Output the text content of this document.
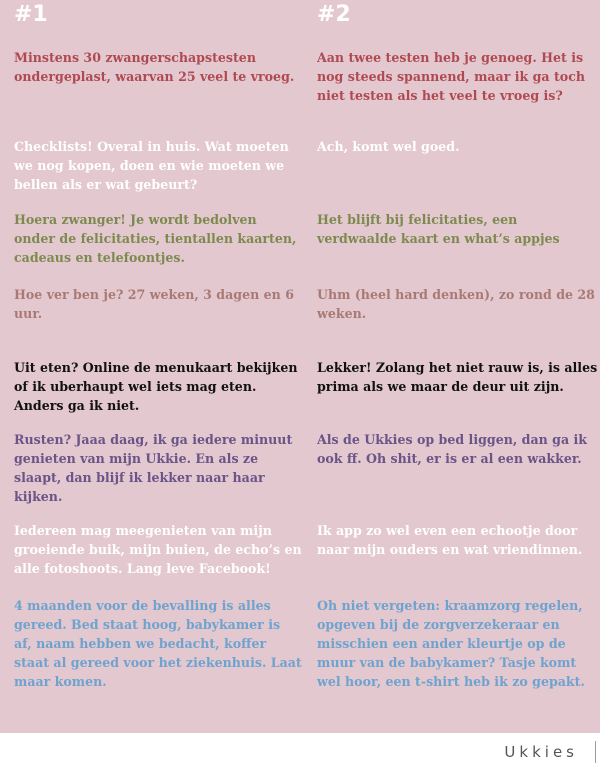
#1

Minstens 30 zwangerschapstesten ondergeplast, waarvan 25 veel te vroeg.

Checklists! Overal in huis. Wat moeten we nog kopen, doen en wie moeten we bellen als er wat gebeurt?

Hoera zwanger! Je wordt bedolven onder de felicitaties, tientallen kaarten, cadeaus en telefoontjes.

Hoe ver ben je? 27 weken, 3 dagen en 6 uur.

Uit eten? Online de menukaart bekijken of ik uberhaupt wel iets mag eten. Anders ga ik niet.

Rusten? Jaaa daag, ik ga iedere minuut genieten van mijn Ukkie. En als ze slaapt, dan blijf ik lekker naar haar kijken.

Iedereen mag meegenieten van mijn groeiende buik, mijn buien, de echo’s en alle fotoshoots. Lang leve Facebook!

4 maanden voor de bevalling is alles gereed. Bed staat hoog, babykamer is af, naam hebben we bedacht, koffer staat al gereed voor het ziekenhuis. Laat maar komen.

#2

Aan twee testen heb je genoeg. Het is nog steeds spannend, maar ik ga toch niet testen als het veel te vroeg is?

Ach, komt wel goed.

Het blijft bij felicitaties, een verdwaalde kaart en what’s appjes

Uhm (heel hard denken), zo rond de 28 weken.

Lekker! Zolang het niet rauw is, is alles prima als we maar de deur uit zijn.

Als de Ukkies op bed liggen, dan ga ik ook ff. Oh shit, er is er al een wakker.

Ik app zo wel even een echootje door naar mijn ouders en wat vriendinnen.

Oh niet vergeten: kraamzorg regelen, opgeven bij de zorgverzekeraar en misschien een ander kleurtje op de muur van de babykamer? Tasje komt wel hoor, een t-shirt heb ik zo gepakt.

Ukkies
